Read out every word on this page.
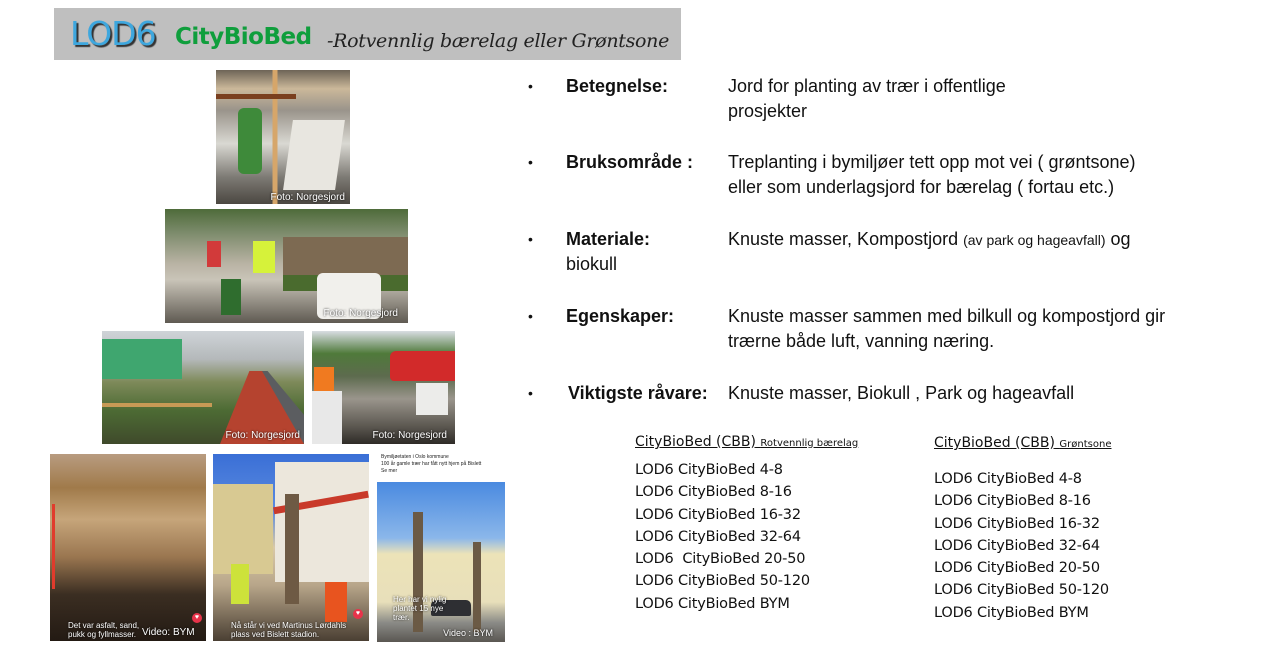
LOD6 CityBioBed -Rotvennlig bærelag eller Grøntsone
Foto: Norgesjord
Foto: Norgesjord
Foto: Norgesjord	Foto: Norgesjord
♥
Det var asfalt, sand, pukk og fyllmasser. Video: BYM
♥
Nå står vi ved Martinus Lørdahls plass ved Bislett stadion.
Bymiljøetaten i Oslo kommune
100 år gamle trær har fått nytt hjem på Bislett
Se mer
Her har vi nylig plantet 15 nye trær.
Video : BYM
• Betegnelse:	Jord for planting av trær i offentlige
prosjekter
• Bruksområde : Treplanting i bymiljøer tett opp mot vei ( grøntsone)
eller som underlagsjord for bærelag ( fortau etc.)
• Materiale:	Knuste masser, Kompostjord (av park og hageavfall) og
biokull
• Egenskaper:	Knuste masser sammen med bilkull og kompostjord gir
trærne både luft, vanning næring.
• Viktigste råvare: Knuste masser, Biokull , Park og hageavfall
CityBioBed (CBB) Rotvennlig bærelag
LOD6 CityBioBed 4-8
LOD6 CityBioBed 8-16
LOD6 CityBioBed 16-32
LOD6 CityBioBed 32-64
LOD6  CityBioBed 20-50
LOD6 CityBioBed 50-120
LOD6 CityBioBed BYM
CityBioBed (CBB) Grøntsone
LOD6 CityBioBed 4-8
LOD6 CityBioBed 8-16
LOD6 CityBioBed 16-32
LOD6 CityBioBed 32-64
LOD6 CityBioBed 20-50
LOD6 CityBioBed 50-120
LOD6 CityBioBed BYM
